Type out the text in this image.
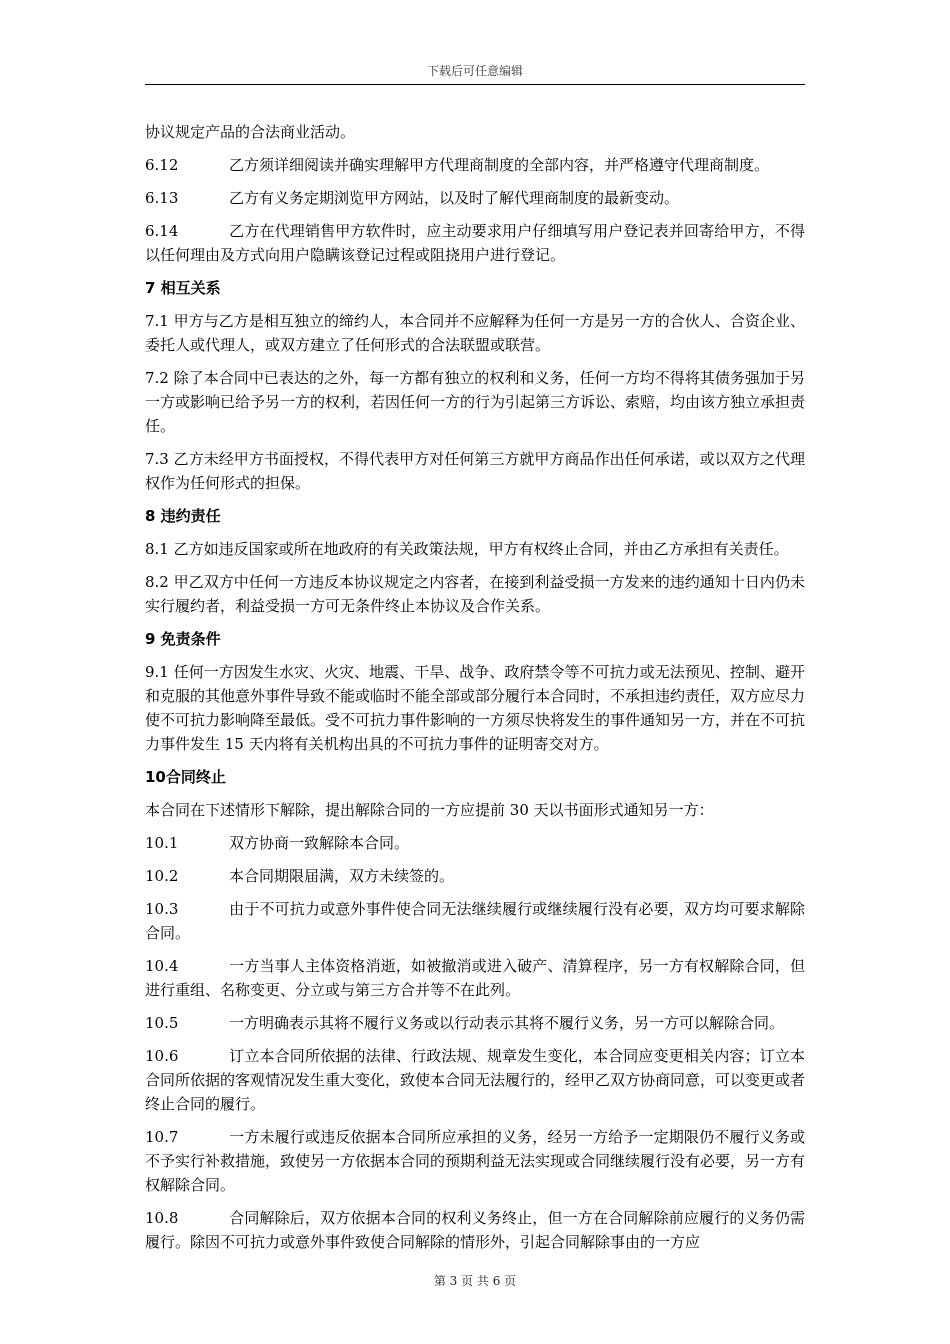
下载后可任意编辑
协议规定产品的合法商业活动。
6.12	乙方须详细阅读并确实理解甲方代理商制度的全部内容，并严格遵守代理商制度。
6.13	乙方有义务定期浏览甲方网站，以及时了解代理商制度的最新变动。
6.14	乙方在代理销售甲方软件时，应主动要求用户仔细填写用户登记表并回寄给甲方，不得以任何理由及方式向用户隐瞒该登记过程或阻挠用户进行登记。
7 相互关系
7.1 甲方与乙方是相互独立的缔约人，本合同并不应解释为任何一方是另一方的合伙人、合资企业、委托人或代理人，或双方建立了任何形式的合法联盟或联营。
7.2 除了本合同中已表达的之外，每一方都有独立的权利和义务，任何一方均不得将其债务强加于另一方或影响已给予另一方的权利，若因任何一方的行为引起第三方诉讼、索赔，均由该方独立承担责任。
7.3 乙方未经甲方书面授权，不得代表甲方对任何第三方就甲方商品作出任何承诺，或以双方之代理权作为任何形式的担保。
8 违约责任
8.1 乙方如违反国家或所在地政府的有关政策法规，甲方有权终止合同，并由乙方承担有关责任。
8.2 甲乙双方中任何一方违反本协议规定之内容者，在接到利益受损一方发来的违约通知十日内仍未实行履约者，利益受损一方可无条件终止本协议及合作关系。
9 免责条件
9.1 任何一方因发生水灾、火灾、地震、干旱、战争、政府禁令等不可抗力或无法预见、控制、避开和克服的其他意外事件导致不能或临时不能全部或部分履行本合同时，不承担违约责任，双方应尽力使不可抗力影响降至最低。受不可抗力事件影响的一方须尽快将发生的事件通知另一方，并在不可抗力事件发生 15 天内将有关机构出具的不可抗力事件的证明寄交对方。
10合同终止
本合同在下述情形下解除，提出解除合同的一方应提前 30 天以书面形式通知另一方：
10.1	双方协商一致解除本合同。
10.2	本合同期限届满，双方未续签的。
10.3	由于不可抗力或意外事件使合同无法继续履行或继续履行没有必要，双方均可要求解除合同。
10.4	一方当事人主体资格消逝，如被撤消或进入破产、清算程序，另一方有权解除合同，但进行重组、名称变更、分立或与第三方合并等不在此列。
10.5	一方明确表示其将不履行义务或以行动表示其将不履行义务，另一方可以解除合同。
10.6	订立本合同所依据的法律、行政法规、规章发生变化，本合同应变更相关内容；订立本合同所依据的客观情况发生重大变化，致使本合同无法履行的，经甲乙双方协商同意，可以变更或者终止合同的履行。
10.7	一方未履行或违反依据本合同所应承担的义务，经另一方给予一定期限仍不履行义务或不予实行补救措施，致使另一方依据本合同的预期利益无法实现或合同继续履行没有必要，另一方有权解除合同。
10.8	合同解除后，双方依据本合同的权利义务终止，但一方在合同解除前应履行的义务仍需履行。除因不可抗力或意外事件致使合同解除的情形外，引起合同解除事由的一方应
第 3 页 共 6 页
